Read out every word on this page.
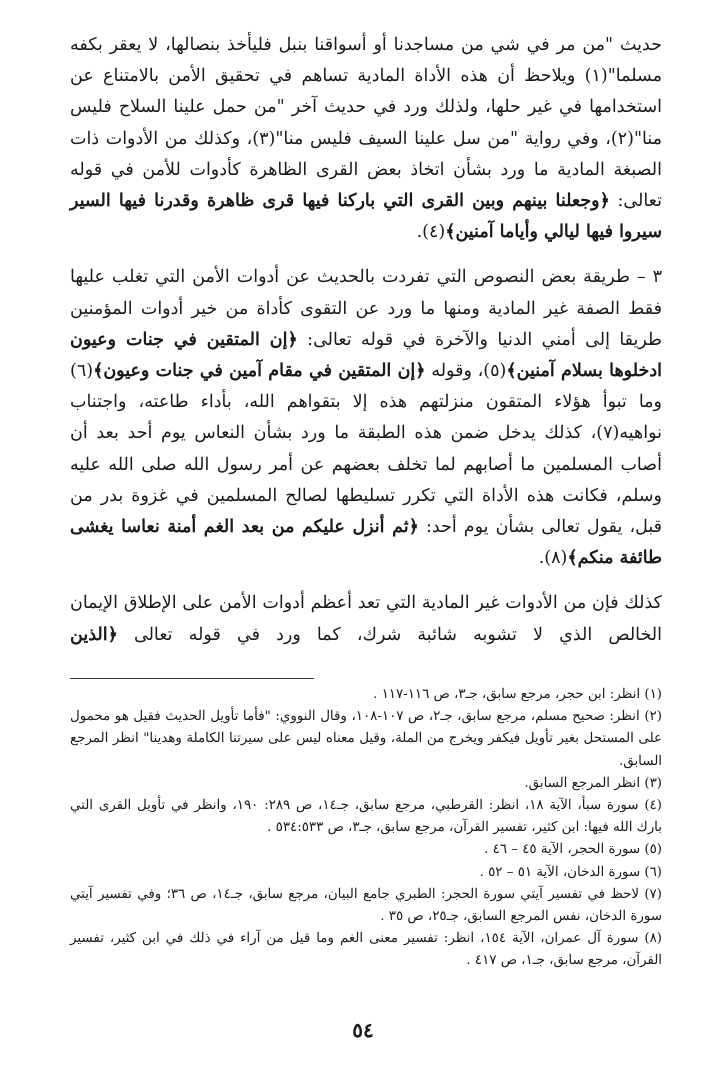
حديث "من مر في شي من مساجدنا أو أسواقنا بنبل فليأخذ بنصالها، لا يعقر بكفه مسلما"(١) ويلاحظ أن هذه الأداة المادية تساهم في تحقيق الأمن بالامتناع عن استخدامها في غير حلها، ولذلك ورد في حديث آخر "من حمل علينا السلاح فليس منا"(٢)، وفي رواية "من سل علينا السيف فليس منا"(٣)، وكذلك من الأدوات ذات الصبغة المادية ما ورد بشأن اتخاذ بعض القرى الظاهرة كأدوات للأمن في قوله تعالى: ﴿وجعلنا بينهم وبين القرى التي باركنا فيها قرى ظاهرة وقدرنا فيها السير سيروا فيها ليالي وأياما آمنين﴾(٤).

٣ – طريقة بعض النصوص التي تفردت بالحديث عن أدوات الأمن التي تغلب عليها فقط الصفة غير المادية ومنها ما ورد عن التقوى كأداة من خير أدوات المؤمنين طريقا إلى أمني الدنيا والآخرة في قوله تعالى: ﴿إن المتقين في جنات وعيون ادخلوها بسلام آمنين﴾(٥)، وقوله ﴿إن المتقين في مقام آمين في جنات وعيون﴾(٦) وما تبوأ هؤلاء المتقون منزلتهم هذه إلا بتقواهم الله، بأداء طاعته، واجتناب نواهيه(٧)، كذلك يدخل ضمن هذه الطبقة ما ورد بشأن النعاس يوم أحد بعد أن أصاب المسلمين ما أصابهم لما تخلف بعضهم عن أمر رسول الله صلى الله عليه وسلم، فكانت هذه الأداة التي تكرر تسليطها لصالح المسلمين في غزوة بدر من قبل، يقول تعالى بشأن يوم أحد: ﴿ثم أنزل عليكم من بعد الغم أمنة نعاسا يغشى طائفة منكم﴾(٨).

كذلك فإن من الأدوات غير المادية التي تعد أعظم أدوات الأمن على الإطلاق الإيمان الخالص الذي لا تشوبه شائبة شرك، كما ورد في قوله تعالى ﴿الذين

(١) انظر: ابن حجر، مرجع سابق، جـ٣، ص ١١٦-١١٧ .

(٢) انظر: صحيح مسلم، مرجع سابق، جـ٢، ص ١٠٧-١٠٨، وقال النووي: "فأما تأويل الحديث فقيل هو محمول على المستحل بغير تأويل فيكفر ويخرج من الملة، وقيل معناه ليس على سيرتنا الكاملة وهدينا" انظر المرجع السابق.

(٣) انظر المرجع السابق.

(٤) سورة سبأ، الآية ١٨، انظر: القرطبي، مرجع سابق، جـ١٤، ص ٢٨٩: ١٩٠، وانظر في تأويل القرى التي بارك الله فيها: ابن كثير، تفسير القرآن، مرجع سابق، جـ٣، ص ٥٣٤:٥٣٣ .

(٥) سورة الحجر، الآية ٤٥ – ٤٦ .

(٦) سورة الدخان، الآية ٥١ – ٥٢ .

(٧) لاحظ في تفسير آيتي سورة الحجر: الطبري جامع البيان، مرجع سابق، جـ١٤، ص ٣٦؛ وفي تفسير آيتي سورة الدخان، نفس المرجع السابق، جـ٢٥، ص ٣٥ .

(٨) سورة آل عمران، الآية ١٥٤، انظر: تفسير معنى الغم وما قيل من آراء في ذلك في ابن كثير، تفسير القرآن، مرجع سابق، جـ١، ص ٤١٧ .

٥٤
